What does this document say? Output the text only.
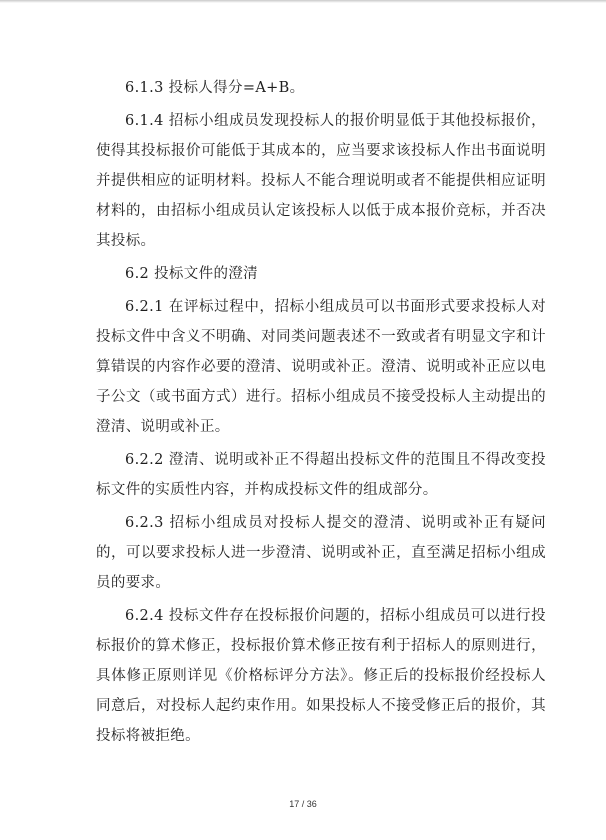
6.1.3 投标人得分=A+B。

6.1.4 招标小组成员发现投标人的报价明显低于其他投标报价，使得其投标报价可能低于其成本的，应当要求该投标人作出书面说明并提供相应的证明材料。投标人不能合理说明或者不能提供相应证明材料的，由招标小组成员认定该投标人以低于成本报价竞标，并否决其投标。

6.2 投标文件的澄清

6.2.1 在评标过程中，招标小组成员可以书面形式要求投标人对投标文件中含义不明确、对同类问题表述不一致或者有明显文字和计算错误的内容作必要的澄清、说明或补正。澄清、说明或补正应以电子公文（或书面方式）进行。招标小组成员不接受投标人主动提出的澄清、说明或补正。

6.2.2 澄清、说明或补正不得超出投标文件的范围且不得改变投标文件的实质性内容，并构成投标文件的组成部分。

6.2.3 招标小组成员对投标人提交的澄清、说明或补正有疑问的，可以要求投标人进一步澄清、说明或补正，直至满足招标小组成员的要求。

6.2.4 投标文件存在投标报价问题的，招标小组成员可以进行投标报价的算术修正，投标报价算术修正按有利于招标人的原则进行，具体修正原则详见《价格标评分方法》。修正后的投标报价经投标人同意后，对投标人起约束作用。如果投标人不接受修正后的报价，其投标将被拒绝。

17 / 36
